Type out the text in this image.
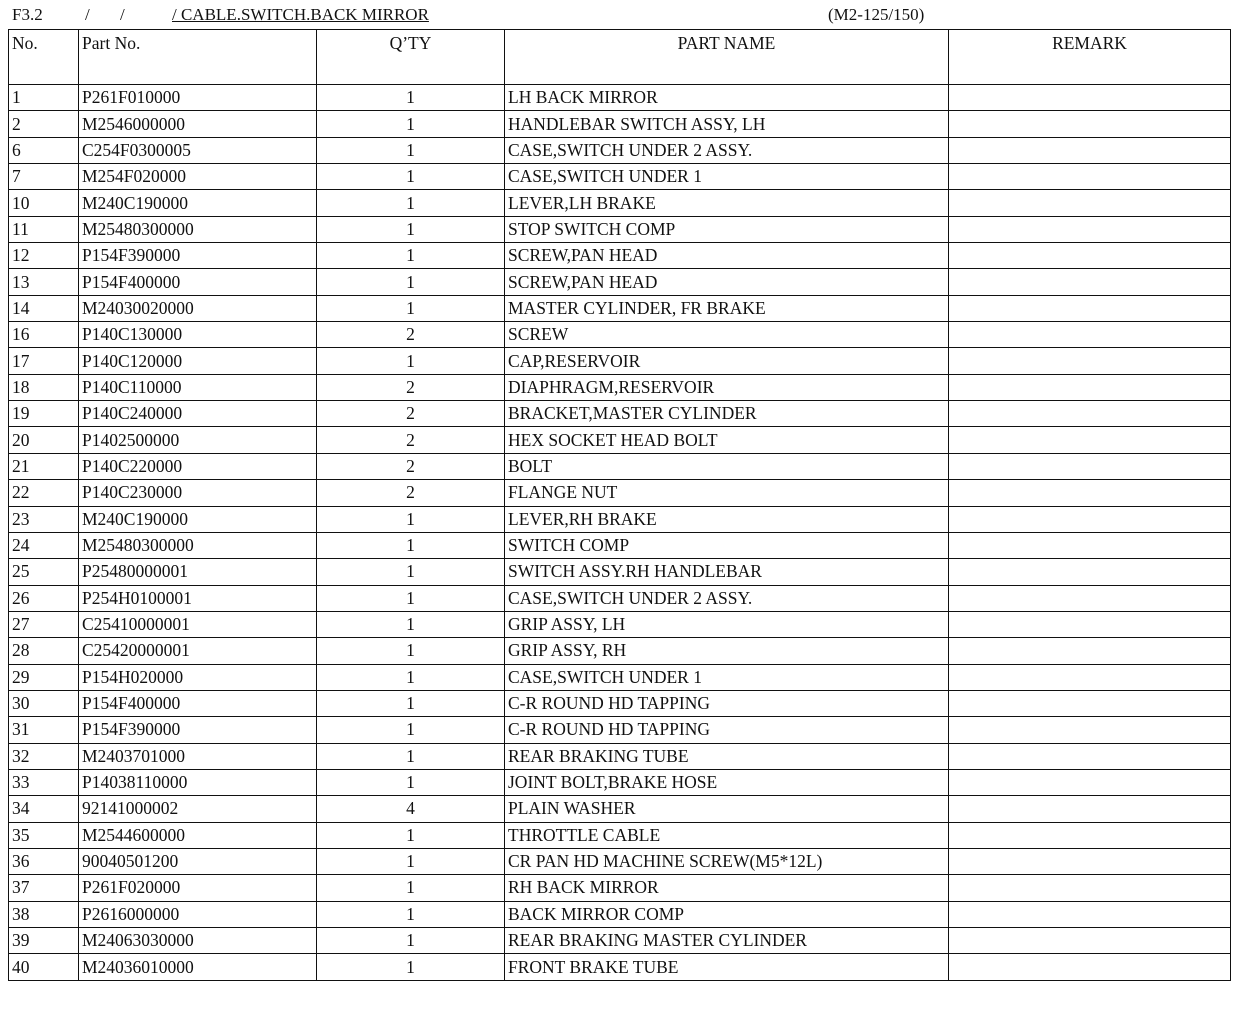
F3.2 / /	/ CABLE.SWITCH.BACK MIRROR	(M2-125/150)
No.	Part No.	Q’TY	PART NAME	REMARK
1	P261F010000	1	LH BACK MIRROR	
2	M2546000000	1	HANDLEBAR SWITCH ASSY, LH	
6	C254F0300005	1	CASE,SWITCH UNDER 2 ASSY.	
7	M254F020000	1	CASE,SWITCH UNDER 1	
10	M240C190000	1	LEVER,LH BRAKE	
11	M25480300000	1	STOP SWITCH COMP	
12	P154F390000	1	SCREW,PAN HEAD	
13	P154F400000	1	SCREW,PAN HEAD	
14	M24030020000	1	MASTER CYLINDER, FR BRAKE	
16	P140C130000	2	SCREW	
17	P140C120000	1	CAP,RESERVOIR	
18	P140C110000	2	DIAPHRAGM,RESERVOIR	
19	P140C240000	2	BRACKET,MASTER CYLINDER	
20	P1402500000	2	HEX SOCKET HEAD BOLT	
21	P140C220000	2	BOLT	
22	P140C230000	2	FLANGE NUT	
23	M240C190000	1	LEVER,RH BRAKE	
24	M25480300000	1	SWITCH COMP	
25	P25480000001	1	SWITCH ASSY.RH HANDLEBAR	
26	P254H0100001	1	CASE,SWITCH UNDER 2 ASSY.	
27	C25410000001	1	GRIP ASSY, LH	
28	C25420000001	1	GRIP ASSY, RH	
29	P154H020000	1	CASE,SWITCH UNDER 1	
30	P154F400000	1	C-R ROUND HD TAPPING	
31	P154F390000	1	C-R ROUND HD TAPPING	
32	M2403701000	1	REAR BRAKING TUBE	
33	P14038110000	1	JOINT BOLT,BRAKE HOSE	
34	92141000002	4	PLAIN WASHER	
35	M2544600000	1	THROTTLE CABLE	
36	90040501200	1	CR PAN HD MACHINE SCREW(M5*12L)	
37	P261F020000	1	RH BACK MIRROR	
38	P2616000000	1	BACK MIRROR COMP	
39	M24063030000	1	REAR BRAKING MASTER CYLINDER	
40	M24036010000	1	FRONT BRAKE TUBE	
